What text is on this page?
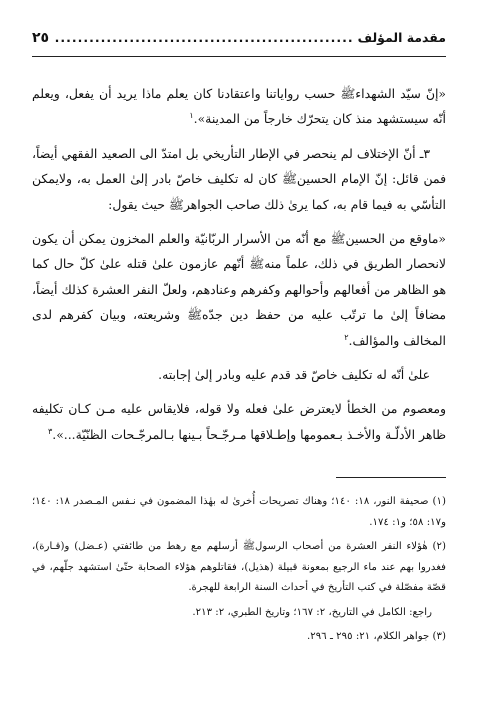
مقدمة المؤلف
.....
٢٥

«إنّ سيّد الشهداءﷺ حسب رواياتنا واعتقادنا كان يعلم ماذا يريد أن يفعل، ويعلم أنّه سيستشهد منذ كان يتحرّك خارجاً من المدينة».$^١$

٣ـ أنّ الإختلاف لم ينحصر في الإطار التأريخي بل امتدّ الى الصعيد الفقهي أيضاً، فمن قائل: إنّ الإمام الحسينﷺ كان له تكليف خاصّ بادر إلىٰ العمل به، ولايمكن التأسّي به فيما قام به، كما يرىٰ ذلك صاحب الجواهرﷺ حيث يقول:

«ماوقع من الحسينﷺ مع أنّه من الأسرار الربّانيّة والعلم المخزون يمكن أن يكون لانحصار الطريق في ذلك، علماً منهﷺ أنّهم عازمون علىٰ قتله علىٰ كلّ حال كما هو الظاهر من أفعالهم وأحوالهم وكفرهم وعنادهم، ولعلّ النفر العشرة كذلك أيضاً، مضافاً إلىٰ ما ترتّب عليه من حفظ دين جدّهﷺ وشريعته، وبيان كفرهم لدى المخالف والمؤالف.$^٢$

علىٰ أنّه له تكليف خاصّ قد قدم عليه وبادر إلىٰ إجابته.

ومعصوم من الخطأ لايعترض علىٰ فعله ولا قوله، فلايقاس عليه مـن كـان تكليفه ظاهر الأدلّـة والأخـذ بـعمومها وإطـلاقها مـرجّـحاً بـينها بـالمرجّـحات الظنّيّة...».$^٣$

(١) صحيفة النور، ١٨: ١٤٠؛ وهناك تصريحات أُخرىٰ له بهٰذا المضمون في نـفس المـصدر ١٨: ١٤٠؛ و١٧: ٥٨؛ و١: ١٧٤.

(٢) هٰؤلاء النفر العشرة من أصحاب الرسولﷺ أرسلهم مع رهط من طائفتي (عـضل) و(قـارة)، فغدروا بهم عند ماء الرجيع بمعونة قبيلة (هذيل)، فقاتلوهم هؤلاء الصحابة حتّىٰ استشهد جلّهم، في قصّة مفصّلة في كتب التأريخ في أحداث السنة الرابعة للهجرة.

راجع: الكامل في التاريخ، ٢: ١٦٧؛ وتاريخ الطبري، ٢: ٢١٣.

(٣) جواهر الكلام، ٢١: ٢٩٥ ـ ٢٩٦.
